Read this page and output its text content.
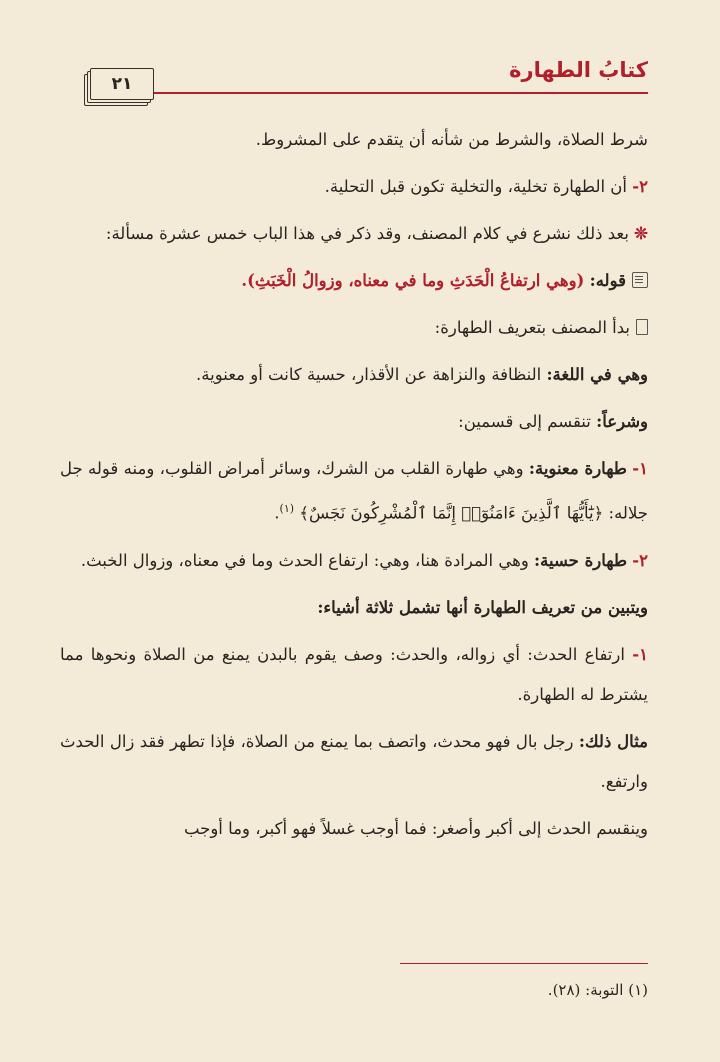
٢١
كتابُ الطهارة

شرط الصلاة، والشرط من شأنه أن يتقدم على المشروط.

٢- أن الطهارة تخلية، والتخلية تكون قبل التحلية.

❊ بعد ذلك نشرع في كلام المصنف، وقد ذكر في هذا الباب خمس عشرة مسألة:

قوله: (وهي ارتفاعُ الْحَدَثِ وما في معناه، وزوالُ الْخَبَثِ).

بدأ المصنف بتعريف الطهارة:

وهي في اللغة: النظافة والنزاهة عن الأقذار، حسية كانت أو معنوية.

وشرعاً: تنقسم إلى قسمين:

١- طهارة معنوية: وهي طهارة القلب من الشرك، وسائر أمراض القلوب، ومنه قوله جل جلاله: ﴿يَٰٓأَيُّهَا ٱلَّذِينَ ءَامَنُوٓا۟ إِنَّمَا ٱلْمُشْرِكُونَ نَجَسٌ﴾ $^{(١)}$.

٢- طهارة حسية: وهي المرادة هنا، وهي: ارتفاع الحدث وما في معناه، وزوال الخبث.

ويتبين من تعريف الطهارة أنها تشمل ثلاثة أشياء:

١- ارتفاع الحدث: أي زواله، والحدث: وصف يقوم بالبدن يمنع من الصلاة ونحوها مما يشترط له الطهارة.

مثال ذلك: رجل بال فهو محدث، واتصف بما يمنع من الصلاة، فإذا تطهر فقد زال الحدث وارتفع.

وينقسم الحدث إلى أكبر وأصغر: فما أوجب غسلاً فهو أكبر، وما أوجب

(١) التوبة: (٢٨).
